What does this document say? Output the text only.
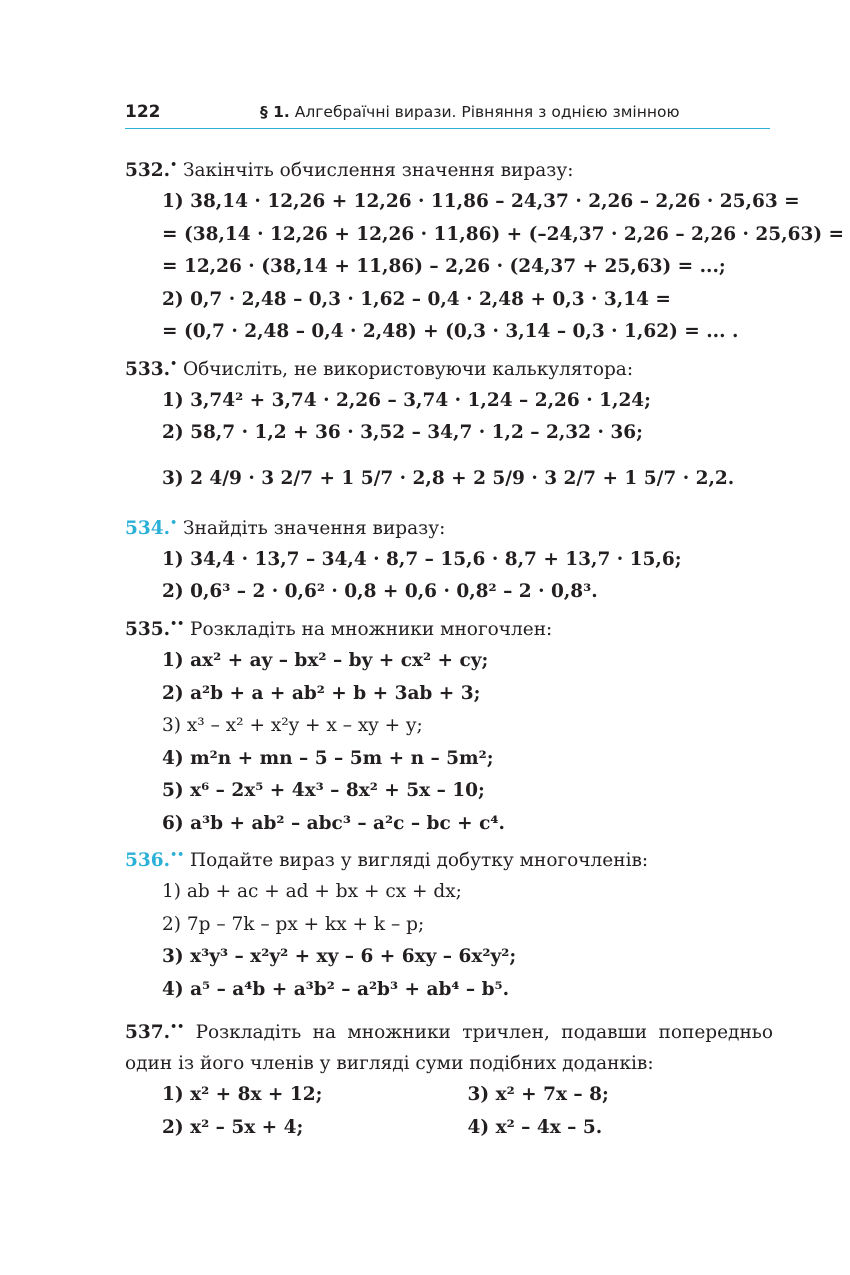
122	§ 1. Алгебраїчні вирази. Рівняння з однією змінною

532.• Закінчіть обчислення значення виразу:

1) 38,14 · 12,26 + 12,26 · 11,86 – 24,37 · 2,26 – 2,26 · 25,63 =

= (38,14 · 12,26 + 12,26 · 11,86) + (–24,37 · 2,26 – 2,26 · 25,63) =

= 12,26 · (38,14 + 11,86) – 2,26 · (24,37 + 25,63) = ...;

2) 0,7 · 2,48 – 0,3 · 1,62 – 0,4 · 2,48 + 0,3 · 3,14 =

= (0,7 · 2,48 – 0,4 · 2,48) + (0,3 · 3,14 – 0,3 · 1,62) = ... .

533.• Обчисліть, не використовуючи калькулятора:

1) 3,74² + 3,74 · 2,26 – 3,74 · 1,24 – 2,26 · 1,24;

2) 58,7 · 1,2 + 36 · 3,52 – 34,7 · 1,2 – 2,32 · 36;

3) 2 4/9 · 3 2/7 + 1 5/7 · 2,8 + 2 5/9 · 3 2/7 + 1 5/7 · 2,2.

534.• Знайдіть значення виразу:

1) 34,4 · 13,7 – 34,4 · 8,7 – 15,6 · 8,7 + 13,7 · 15,6;

2) 0,6³ – 2 · 0,6² · 0,8 + 0,6 · 0,8² – 2 · 0,8³.

535.•• Розкладіть на множники многочлен:

1) ax² + ay – bx² – by + cx² + cy;

2) a²b + a + ab² + b + 3ab + 3;

3) x³ – x² + x²y + x – xy + y;

4) m²n + mn – 5 – 5m + n – 5m²;

5) x⁶ – 2x⁵ + 4x³ – 8x² + 5x – 10;

6) a³b + ab² – abc³ – a²c – bc + c⁴.

536.•• Подайте вираз у вигляді добутку многочленів:

1) ab + ac + ad + bx + cx + dx;

2) 7p – 7k – px + kx + k – p;

3) x³y³ – x²y² + xy – 6 + 6xy – 6x²y²;

4) a⁵ – a⁴b + a³b² – a²b³ + ab⁴ – b⁵.

537.•• Розкладіть на множники тричлен, подавши попередньо один із його членів у вигляді суми подібних доданків:

1) x² + 8x + 12;	3) x² + 7x – 8;

2) x² – 5x + 4;	4) x² – 4x – 5.
